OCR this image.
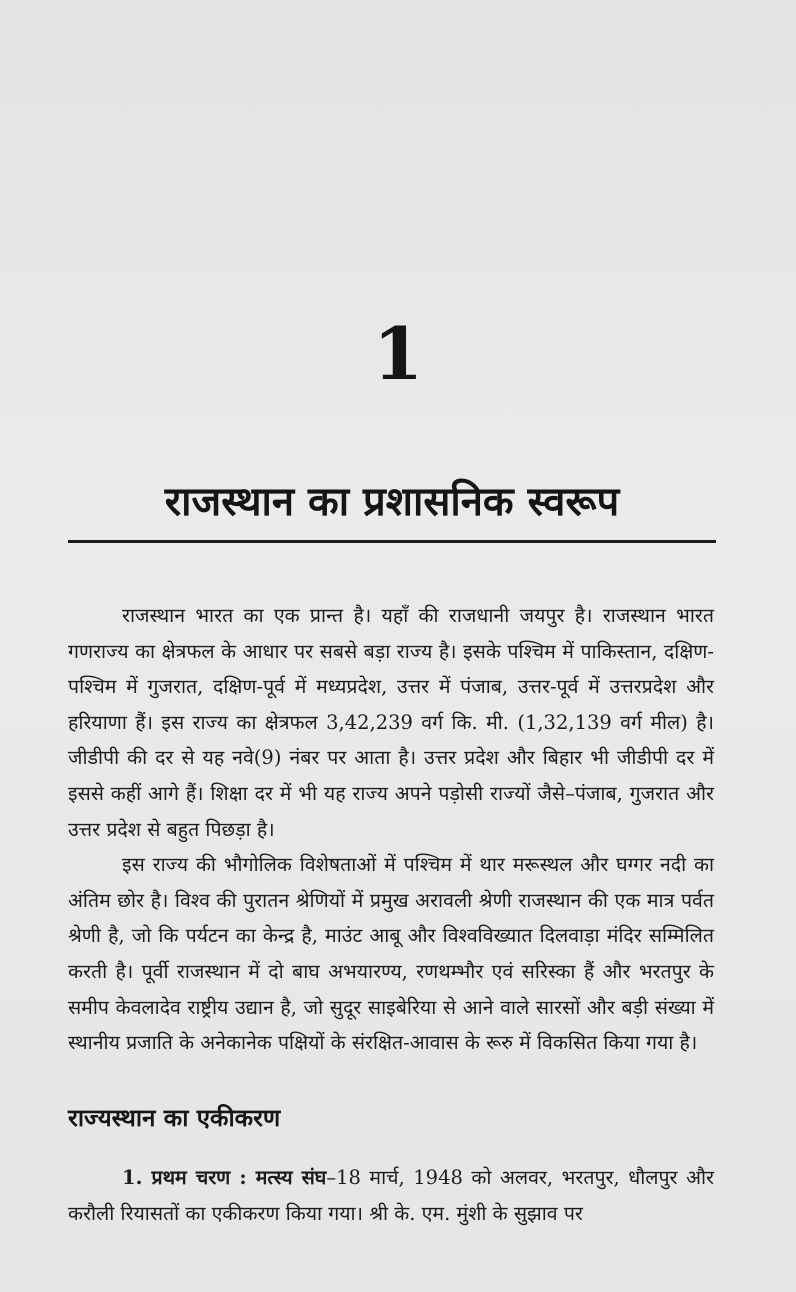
1
राजस्थान का प्रशासनिक स्वरूप

राजस्थान भारत का एक प्रान्त है। यहाँ की राजधानी जयपुर है। राजस्थान भारत गणराज्य का क्षेत्रफल के आधार पर सबसे बड़ा राज्य है। इसके पश्चिम में पाकिस्तान, दक्षिण-पश्चिम में गुजरात, दक्षिण-पूर्व में मध्यप्रदेश, उत्तर में पंजाब, उत्तर-पूर्व में उत्तरप्रदेश और हरियाणा हैं। इस राज्य का क्षेत्रफल 3,42,239 वर्ग कि. मी. (1,32,139 वर्ग मील) है। जीडीपी की दर से यह नवे(9) नंबर पर आता है। उत्तर प्रदेश और बिहार भी जीडीपी दर में इससे कहीं आगे हैं। शिक्षा दर में भी यह राज्य अपने पड़ोसी राज्यों जैसे–पंजाब, गुजरात और उत्तर प्रदेश से बहुत पिछड़ा है।

इस राज्य की भौगोलिक विशेषताओं में पश्चिम में थार मरूस्थल और घग्गर नदी का अंतिम छोर है। विश्व की पुरातन श्रेणियों में प्रमुख अरावली श्रेणी राजस्थान की एक मात्र पर्वत श्रेणी है, जो कि पर्यटन का केन्द्र है, माउंट आबू और विश्वविख्यात दिलवाड़ा मंदिर सम्मिलित करती है। पूर्वी राजस्थान में दो बाघ अभयारण्य, रणथम्भौर एवं सरिस्का हैं और भरतपुर के समीप केवलादेव राष्ट्रीय उद्यान है, जो सुदूर साइबेरिया से आने वाले सारसों और बड़ी संख्या में स्थानीय प्रजाति के अनेकानेक पक्षियों के संरक्षित-आवास के रूरु में विकसित किया गया है।

राज्यस्थान का एकीकरण

1. प्रथम चरण : मत्स्य संघ–18 मार्च, 1948 को अलवर, भरतपुर, धौलपुर और करौली रियासतों का एकीकरण किया गया। श्री के. एम. मुंशी के सुझाव पर
